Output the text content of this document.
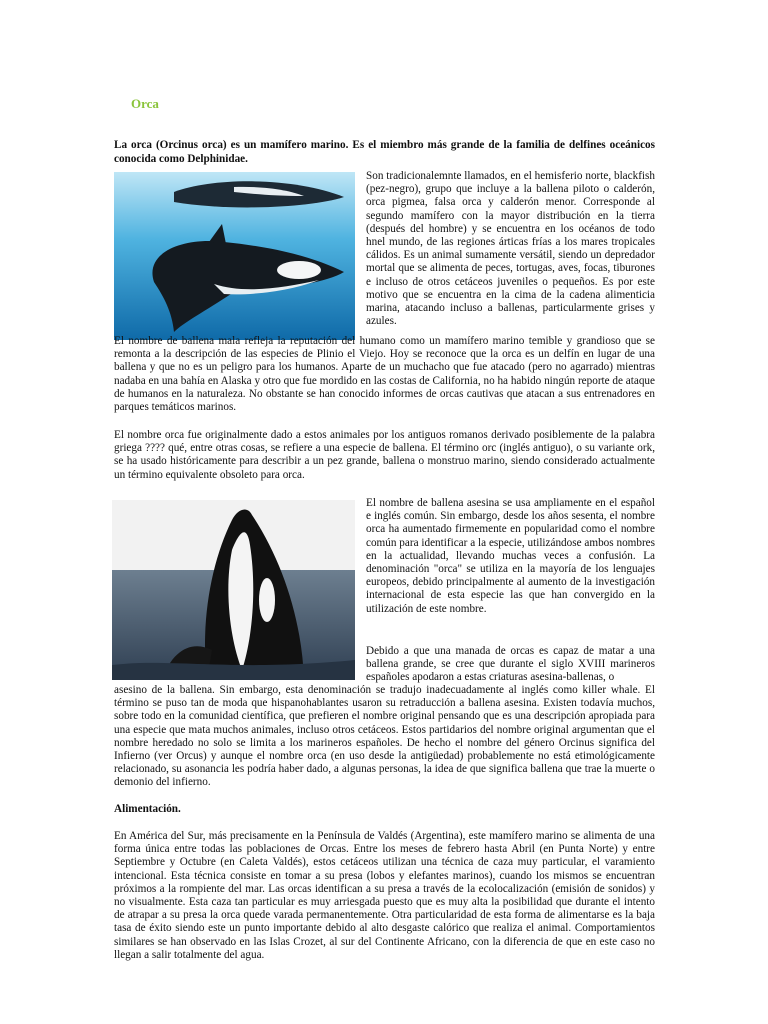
Orca
La orca (Orcinus orca) es un mamífero marino. Es el miembro más grande de la familia de delfines oceánicos conocida como Delphinidae.

Son tradicionalemnte llamados, en el hemisferio norte, blackfish (pez-negro), grupo que incluye a la ballena piloto o calderón, orca pigmea, falsa orca y calderón menor. Corresponde al segundo mamífero con la mayor distribución en la tierra (después del hombre) y se encuentra en los océanos de todo hnel mundo, de las regiones árticas frías a los mares tropicales cálidos. Es un animal sumamente versátil, siendo un depredador mortal que se alimenta de peces, tortugas, aves, focas, tiburones e incluso de otros cetáceos juveniles o pequeños. Es por este motivo que se encuentra en la cima de la cadena alimenticia marina, atacando incluso a ballenas, particularmente grises y azules.

El nombre de ballena mala refleja la reputación del humano como un mamífero marino temible y grandioso que se remonta a la descripción de las especies de Plinio el Viejo. Hoy se reconoce que la orca es un delfín en lugar de una ballena y que no es un peligro para los humanos. Aparte de un muchacho que fue atacado (pero no agarrado) mientras nadaba en una bahía en Alaska y otro que fue mordido en las costas de California, no ha habido ningún reporte de ataque de humanos en la naturaleza. No obstante se han conocido informes de orcas cautivas que atacan a sus entrenadores en parques temáticos marinos.

El nombre orca fue originalmente dado a estos animales por los antiguos romanos derivado posiblemente de la palabra griega ???? qué, entre otras cosas, se refiere a una especie de ballena. El término orc (inglés antiguo), o su variante ork, se ha usado históricamente para describir a un pez grande, ballena o monstruo marino, siendo considerado actualmente un término equivalente obsoleto para orca.

El nombre de ballena asesina se usa ampliamente en el español e inglés común. Sin embargo, desde los años sesenta, el nombre orca ha aumentado firmemente en popularidad como el nombre común para identificar a la especie, utilizándose ambos nombres en la actualidad, llevando muchas veces a confusión. La denominación "orca" se utiliza en la mayoría de los lenguajes europeos, debido principalmente al aumento de la investigación internacional de esta especie las que han convergido en la utilización de este nombre.

Debido a que una manada de orcas es capaz de matar a una ballena grande, se cree que durante el siglo XVIII marineros españoles apodaron a estas criaturas asesina-ballenas, o

asesino de la ballena. Sin embargo, esta denominación se tradujo inadecuadamente al inglés como killer whale. El término se puso tan de moda que hispanohablantes usaron su retraducción a ballena asesina. Existen todavía muchos, sobre todo en la comunidad científica, que prefieren el nombre original pensando que es una descripción apropiada para una especie que mata muchos animales, incluso otros cetáceos. Estos partidarios del nombre original argumentan que el nombre heredado no solo se limita a los marineros españoles. De hecho el nombre del género Orcinus significa del Infierno (ver Orcus) y aunque el nombre orca (en uso desde la antigüedad) probablemente no está etimológicamente relacionado, su asonancia les podría haber dado, a algunas personas, la idea de que significa ballena que trae la muerte o demonio del infierno.

Alimentación.

En América del Sur, más precisamente en la Península de Valdés (Argentina), este mamífero marino se alimenta de una forma única entre todas las poblaciones de Orcas. Entre los meses de febrero hasta Abril (en Punta Norte) y entre Septiembre y Octubre (en Caleta Valdés), estos cetáceos utilizan una técnica de caza muy particular, el varamiento intencional. Esta técnica consiste en tomar a su presa (lobos y elefantes marinos), cuando los mismos se encuentran próximos a la rompiente del mar. Las orcas identifican a su presa a través de la ecolocalización (emisión de sonidos) y no visualmente. Esta caza tan particular es muy arriesgada puesto que es muy alta la posibilidad que durante el intento de atrapar a su presa la orca quede varada permanentemente. Otra particularidad de esta forma de alimentarse es la baja tasa de éxito siendo este un punto importante debido al alto desgaste calórico que realiza el animal. Comportamientos similares se han observado en las Islas Crozet, al sur del Continente Africano, con la diferencia de que en este caso no llegan a salir totalmente del agua.
